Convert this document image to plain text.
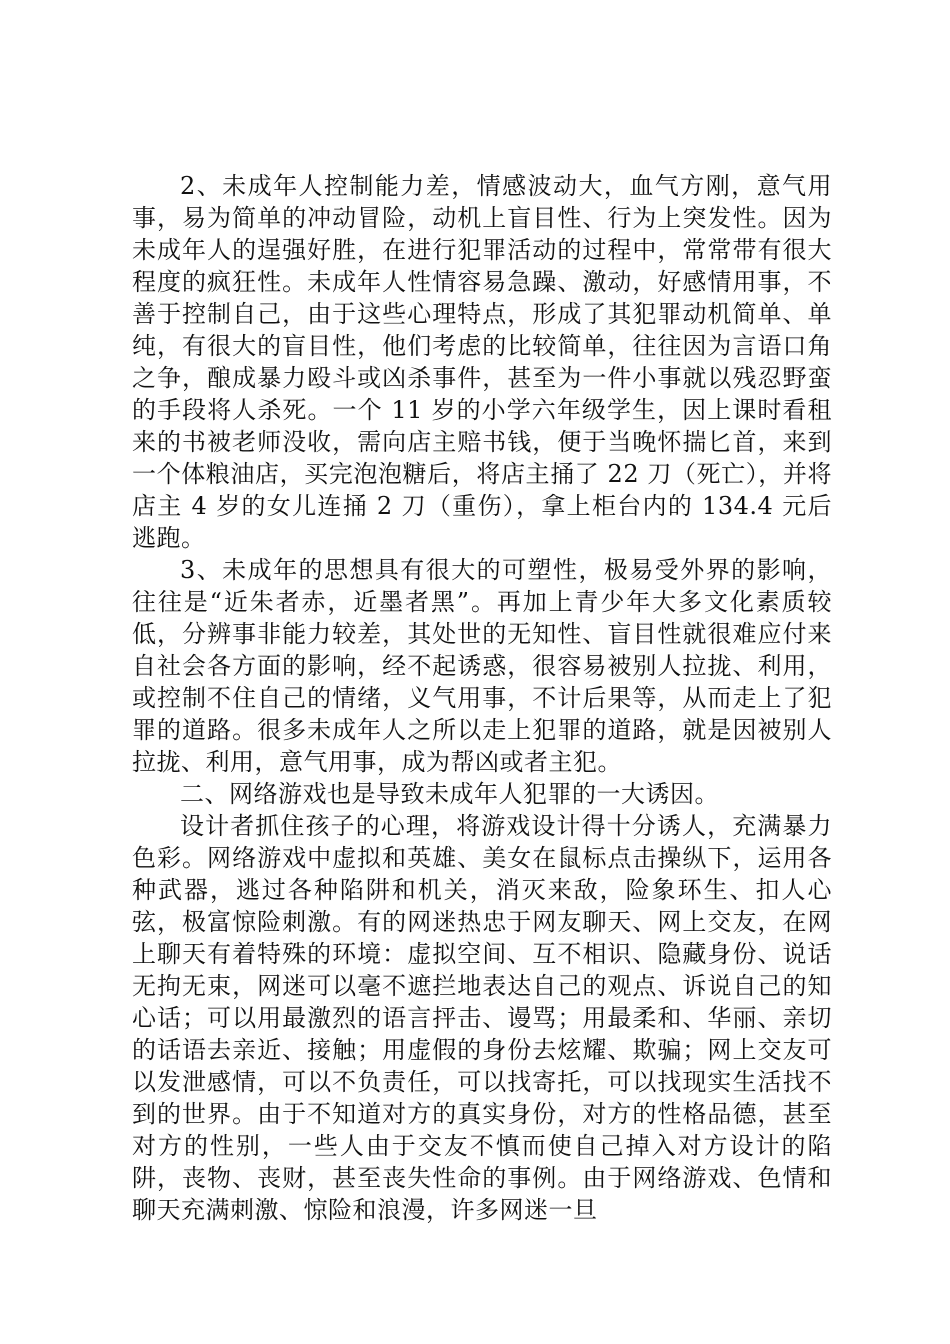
2、未成年人控制能力差，情感波动大，血气方刚，意气用事，易为简单的冲动冒险，动机上盲目性、行为上突发性。因为未成年人的逞强好胜，在进行犯罪活动的过程中，常常带有很大程度的疯狂性。未成年人性情容易急躁、激动，好感情用事，不善于控制自己，由于这些心理特点，形成了其犯罪动机简单、单纯，有很大的盲目性，他们考虑的比较简单，往往因为言语口角之争，酿成暴力殴斗或凶杀事件，甚至为一件小事就以残忍野蛮的手段将人杀死。一个 11 岁的小学六年级学生，因上课时看租来的书被老师没收，需向店主赔书钱，便于当晚怀揣匕首，来到一个体粮油店，买完泡泡糖后，将店主捅了 22 刀（死亡），并将店主 4 岁的女儿连捅 2 刀（重伤），拿上柜台内的 134.4 元后逃跑。

3、未成年的思想具有很大的可塑性，极易受外界的影响，往往是“近朱者赤，近墨者黑”。再加上青少年大多文化素质较低，分辨事非能力较差，其处世的无知性、盲目性就很难应付来自社会各方面的影响，经不起诱惑，很容易被别人拉拢、利用，或控制不住自己的情绪，义气用事，不计后果等，从而走上了犯罪的道路。很多未成年人之所以走上犯罪的道路，就是因被别人拉拢、利用，意气用事，成为帮凶或者主犯。

二、网络游戏也是导致未成年人犯罪的一大诱因。

设计者抓住孩子的心理，将游戏设计得十分诱人，充满暴力色彩。网络游戏中虚拟和英雄、美女在鼠标点击操纵下，运用各种武器，逃过各种陷阱和机关，消灭来敌，险象环生、扣人心弦，极富惊险刺激。有的网迷热忠于网友聊天、网上交友，在网上聊天有着特殊的环境：虚拟空间、互不相识、隐藏身份、说话无拘无束，网迷可以毫不遮拦地表达自己的观点、诉说自己的知心话；可以用最激烈的语言抨击、谩骂；用最柔和、华丽、亲切的话语去亲近、接触；用虚假的身份去炫耀、欺骗；网上交友可以发泄感情，可以不负责任，可以找寄托，可以找现实生活找不到的世界。由于不知道对方的真实身份，对方的性格品德，甚至对方的性别，一些人由于交友不慎而使自己掉入对方设计的陷阱，丧物、丧财，甚至丧失性命的事例。由于网络游戏、色情和聊天充满刺激、惊险和浪漫，许多网迷一旦
